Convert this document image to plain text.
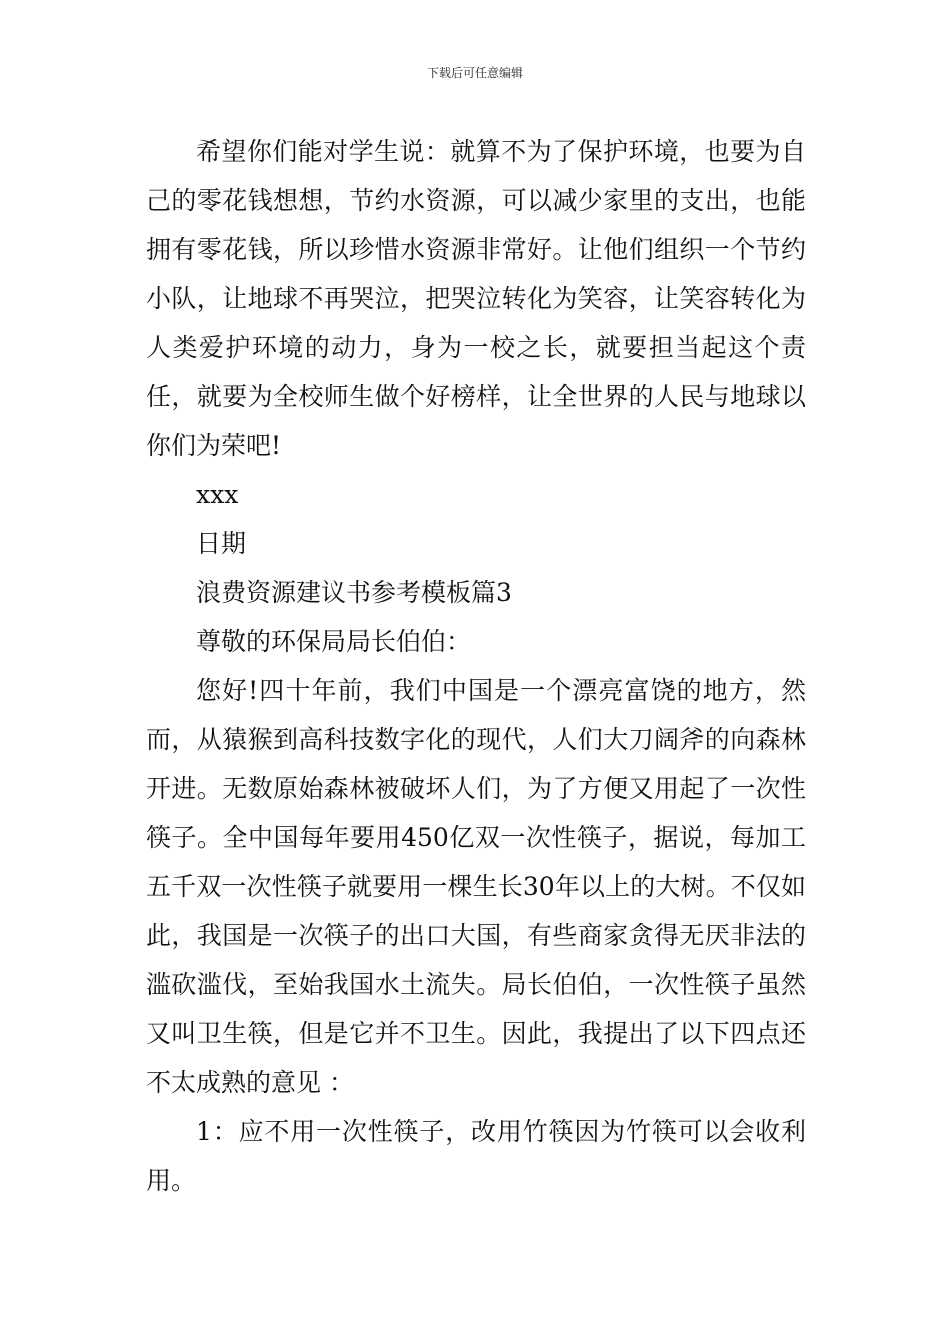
下载后可任意编辑

希望你们能对学生说：就算不为了保护环境，也要为自己的零花钱想想，节约水资源，可以减少家里的支出，也能拥有零花钱，所以珍惜水资源非常好。让他们组织一个节约小队，让地球不再哭泣，把哭泣转化为笑容，让笑容转化为人类爱护环境的动力，身为一校之长，就要担当起这个责任，就要为全校师生做个好榜样，让全世界的人民与地球以你们为荣吧!

xxx

日期

浪费资源建议书参考模板篇3

尊敬的环保局局长伯伯：

您好!四十年前，我们中国是一个漂亮富饶的地方，然而，从猿猴到高科技数字化的现代，人们大刀阔斧的向森林开进。无数原始森林被破坏人们，为了方便又用起了一次性筷子。全中国每年要用450亿双一次性筷子，据说，每加工五千双一次性筷子就要用一棵生长30年以上的大树。不仅如此，我国是一次筷子的出口大国，有些商家贪得无厌非法的滥砍滥伐，至始我国水土流失。局长伯伯，一次性筷子虽然又叫卫生筷，但是它并不卫生。因此，我提出了以下四点还不太成熟的意见 ：

1：应不用一次性筷子，改用竹筷因为竹筷可以会收利用。
